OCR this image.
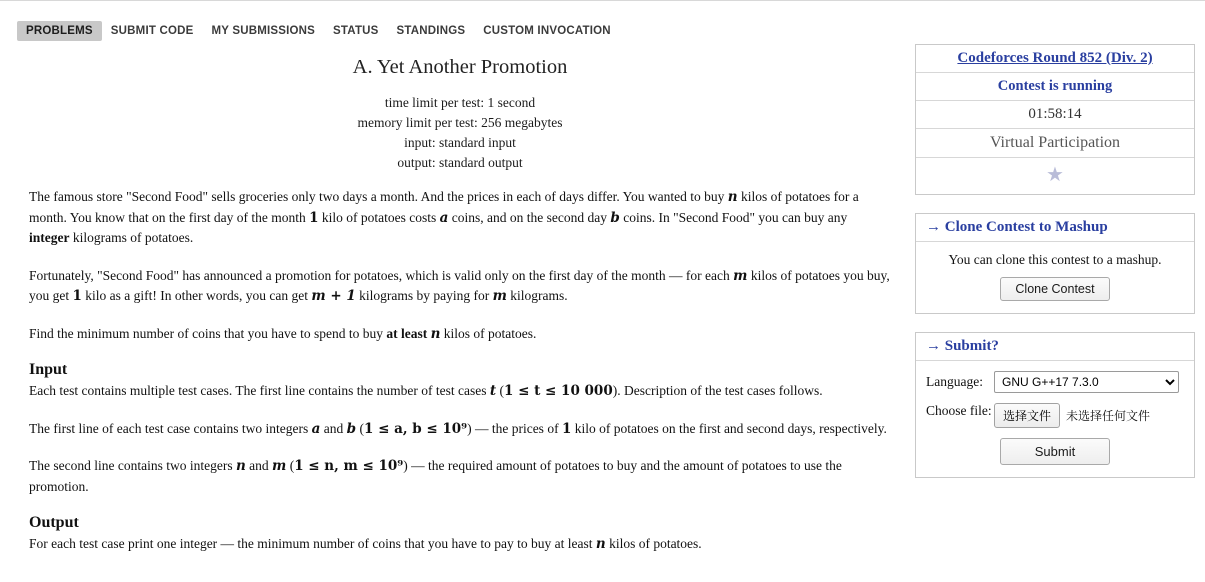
PROBLEMS	SUBMIT CODE	MY SUBMISSIONS	STATUS	STANDINGS	CUSTOM INVOCATION
A. Yet Another Promotion
time limit per test: 1 second
memory limit per test: 256 megabytes
input: standard input
output: standard output

The famous store "Second Food" sells groceries only two days a month. And the prices in each of days differ. You wanted to buy n kilos of potatoes for a month. You know that on the first day of the month 1 kilo of potatoes costs a coins, and on the second day b coins. In "Second Food" you can buy any integer kilograms of potatoes.

Fortunately, "Second Food" has announced a promotion for potatoes, which is valid only on the first day of the month — for each m kilos of potatoes you buy, you get 1 kilo as a gift! In other words, you can get m + 1 kilograms by paying for m kilograms.

Find the minimum number of coins that you have to spend to buy at least n kilos of potatoes.

Input

Each test contains multiple test cases. The first line contains the number of test cases t (1 ≤ t ≤ 10 000). Description of the test cases follows.

The first line of each test case contains two integers a and b (1 ≤ a, b ≤ 10⁹) — the prices of 1 kilo of potatoes on the first and second days, respectively.

The second line contains two integers n and m (1 ≤ n, m ≤ 10⁹) — the required amount of potatoes to buy and the amount of potatoes to use the promotion.

Output

For each test case print one integer — the minimum number of coins that you have to pay to buy at least n kilos of potatoes.

Codeforces Round 852 (Div. 2)
Contest is running
01:58:14
Virtual Participation
★
→ Clone Contest to Mashup
You can clone this contest to a mashup.
Clone Contest
→ Submit?
Language:
GNU G++17 7.3.0
Choose file: 选择文件	未选择任何文件
Submit
